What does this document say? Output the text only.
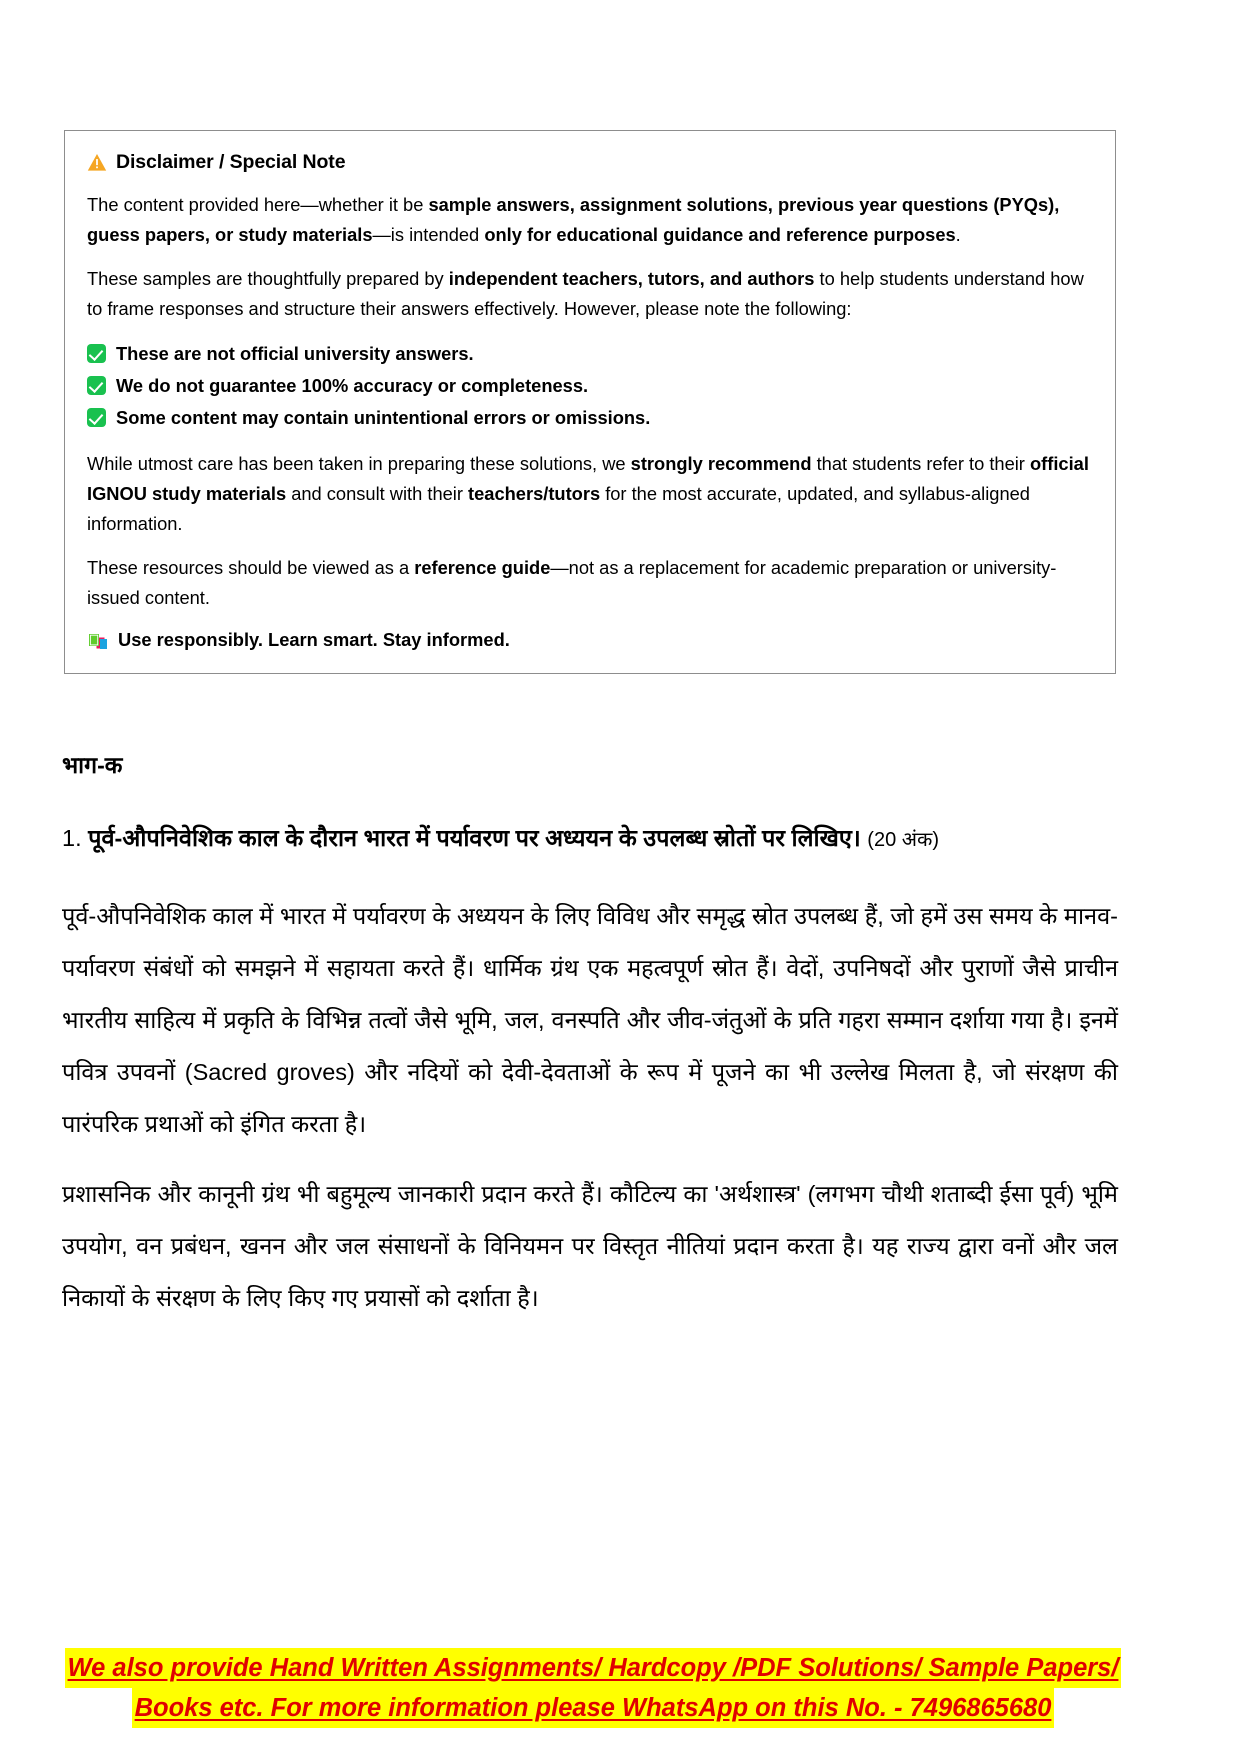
Disclaimer / Special Note

The content provided here—whether it be sample answers, assignment solutions, previous year questions (PYQs), guess papers, or study materials—is intended only for educational guidance and reference purposes.

These samples are thoughtfully prepared by independent teachers, tutors, and authors to help students understand how to frame responses and structure their answers effectively. However, please note the following:

These are not official university answers.
We do not guarantee 100% accuracy or completeness.
Some content may contain unintentional errors or omissions.

While utmost care has been taken in preparing these solutions, we strongly recommend that students refer to their official IGNOU study materials and consult with their teachers/tutors for the most accurate, updated, and syllabus-aligned information.

These resources should be viewed as a reference guide—not as a replacement for academic preparation or university-issued content.

Use responsibly. Learn smart. Stay informed.
भाग-क

1. पूर्व-औपनिवेशिक काल के दौरान भारत में पर्यावरण पर अध्ययन के उपलब्ध स्रोतों पर लिखिए। (20 अंक)

पूर्व-औपनिवेशिक काल में भारत में पर्यावरण के अध्ययन के लिए विविध और समृद्ध स्रोत उपलब्ध हैं, जो हमें उस समय के मानव-पर्यावरण संबंधों को समझने में सहायता करते हैं। धार्मिक ग्रंथ एक महत्वपूर्ण स्रोत हैं। वेदों, उपनिषदों और पुराणों जैसे प्राचीन भारतीय साहित्य में प्रकृति के विभिन्न तत्वों जैसे भूमि, जल, वनस्पति और जीव-जंतुओं के प्रति गहरा सम्मान दर्शाया गया है। इनमें पवित्र उपवनों (Sacred groves) और नदियों को देवी-देवताओं के रूप में पूजने का भी उल्लेख मिलता है, जो संरक्षण की पारंपरिक प्रथाओं को इंगित करता है।

प्रशासनिक और कानूनी ग्रंथ भी बहुमूल्य जानकारी प्रदान करते हैं। कौटिल्य का 'अर्थशास्त्र' (लगभग चौथी शताब्दी ईसा पूर्व) भूमि उपयोग, वन प्रबंधन, खनन और जल संसाधनों के विनियमन पर विस्तृत नीतियां प्रदान करता है। यह राज्य द्वारा वनों और जल निकायों के संरक्षण के लिए किए गए प्रयासों को दर्शाता है।

We also provide Hand Written Assignments/ Hardcopy /PDF Solutions/ Sample Papers/
Books etc. For more information please WhatsApp on this No. - 7496865680
